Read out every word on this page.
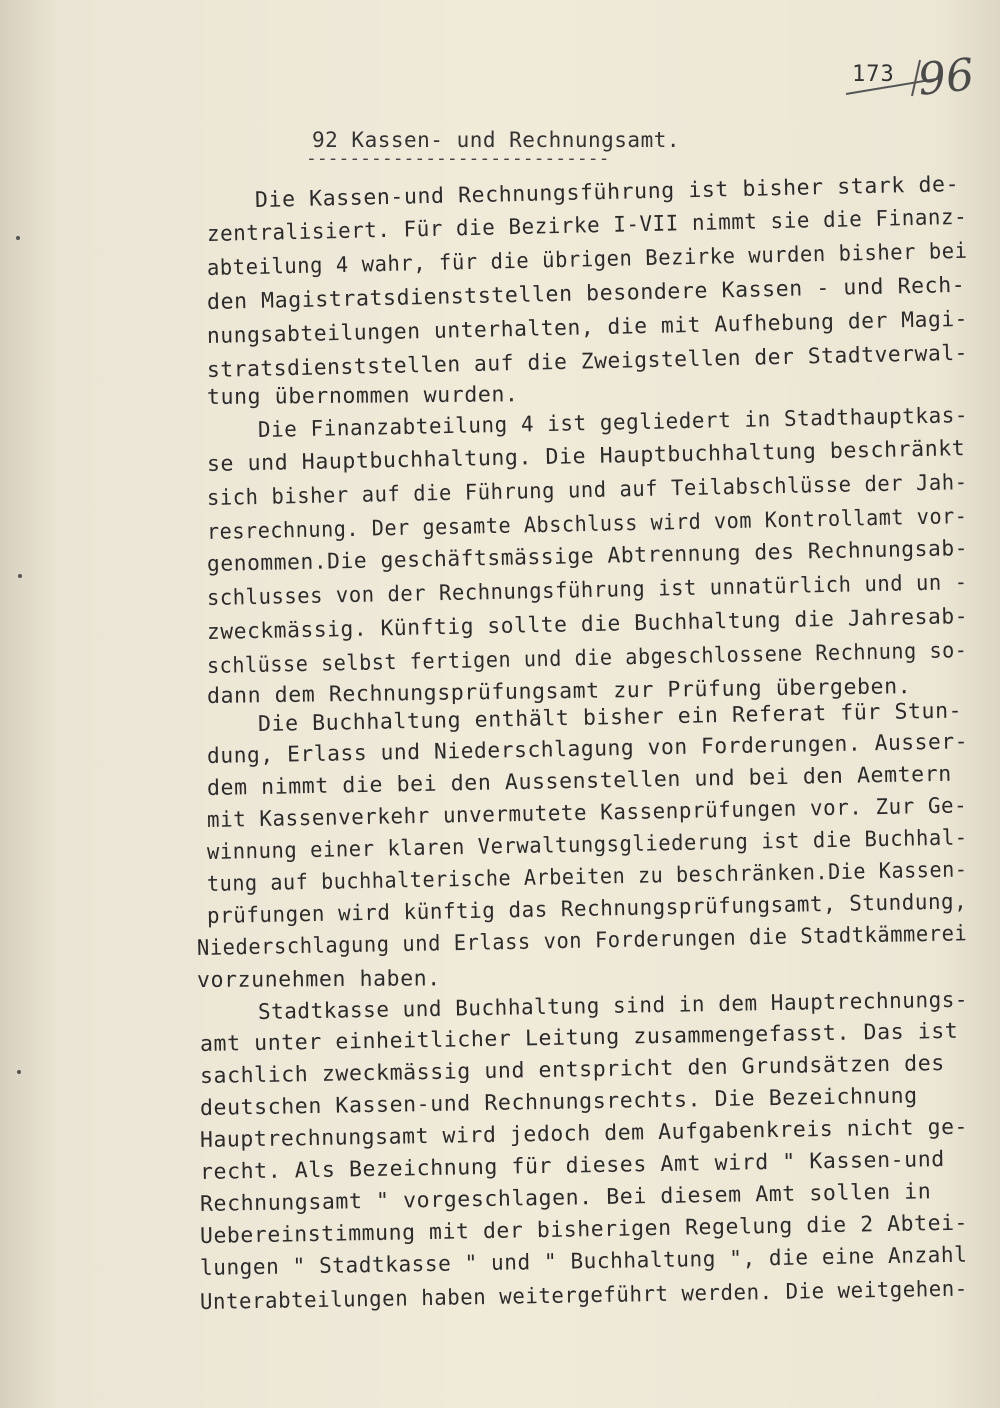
173 96
92 Kassen- und Rechnungsamt.
----------------------------
Die Kassen-und Rechnungsführung ist bisher stark de-
zentralisiert. Für die Bezirke I-VII nimmt sie die Finanz-
abteilung 4 wahr, für die übrigen Bezirke wurden bisher bei
den Magistratsdienststellen besondere Kassen - und Rech-
nungsabteilungen unterhalten, die mit Aufhebung der Magi-
stratsdienststellen auf die Zweigstellen der Stadtverwal-
tung übernommen wurden.
Die Finanzabteilung 4 ist gegliedert in Stadthauptkas-
se und Hauptbuchhaltung. Die Hauptbuchhaltung beschränkt
sich bisher auf die Führung und auf Teilabschlüsse der Jah-
resrechnung. Der gesamte Abschluss wird vom Kontrollamt vor-
genommen.Die geschäftsmässige Abtrennung des Rechnungsab-
schlusses von der Rechnungsführung ist unnatürlich und un -
zweckmässig. Künftig sollte die Buchhaltung die Jahresab-
schlüsse selbst fertigen und die abgeschlossene Rechnung so-
dann dem Rechnungsprüfungsamt zur Prüfung übergeben.
Die Buchhaltung enthält bisher ein Referat für Stun-
dung, Erlass und Niederschlagung von Forderungen. Ausser-
dem nimmt die bei den Aussenstellen und bei den Aemtern
mit Kassenverkehr unvermutete Kassenprüfungen vor. Zur Ge-
winnung einer klaren Verwaltungsgliederung ist die Buchhal-
tung auf buchhalterische Arbeiten zu beschränken.Die Kassen-
prüfungen wird künftig das Rechnungsprüfungsamt, Stundung,
Niederschlagung und Erlass von Forderungen die Stadtkämmerei
vorzunehmen haben.
Stadtkasse und Buchhaltung sind in dem Hauptrechnungs-
amt unter einheitlicher Leitung zusammengefasst. Das ist
sachlich zweckmässig und entspricht den Grundsätzen des
deutschen Kassen-und Rechnungsrechts. Die Bezeichnung
Hauptrechnungsamt wird jedoch dem Aufgabenkreis nicht ge-
recht. Als Bezeichnung für dieses Amt wird " Kassen-und
Rechnungsamt " vorgeschlagen. Bei diesem Amt sollen in
Uebereinstimmung mit der bisherigen Regelung die 2 Abtei-
lungen " Stadtkasse " und " Buchhaltung ", die eine Anzahl
Unterabteilungen haben weitergeführt werden. Die weitgehen-
